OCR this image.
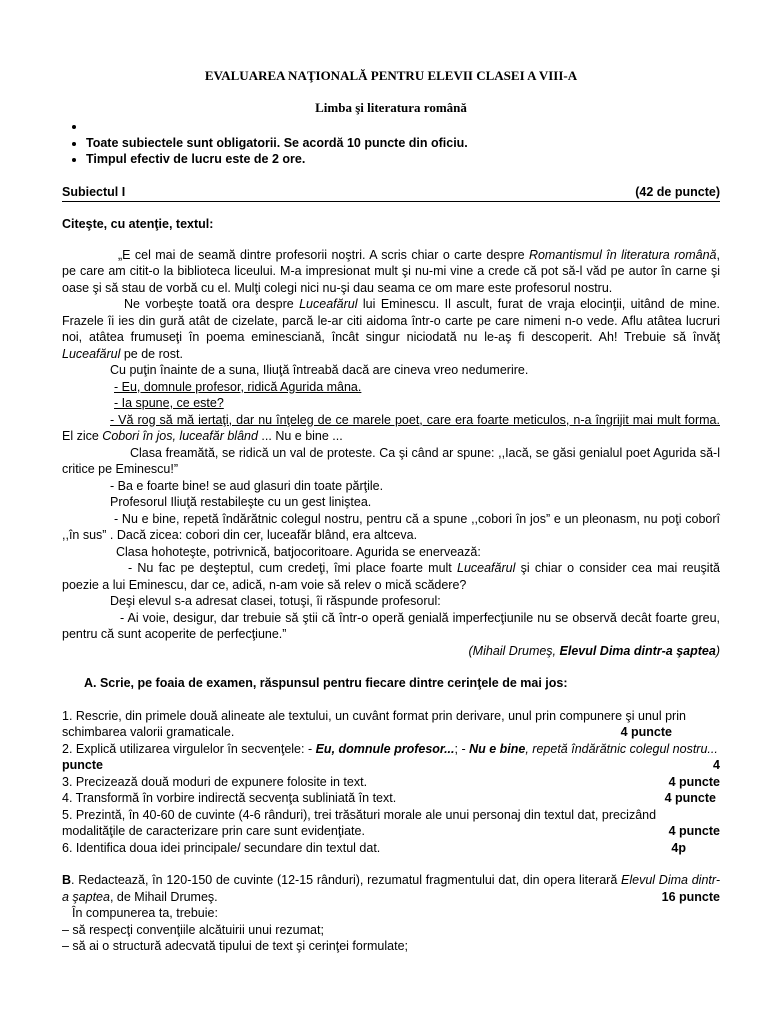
EVALUAREA NAŢIONALĂ PENTRU ELEVII CLASEI A VIII-A
Limba şi literatura română
•
• Toate subiectele sunt obligatorii. Se acordă 10 puncte din oficiu.
• Timpul efectiv de lucru este de 2 ore.
Subiectul I	(42 de puncte)
Citeşte, cu atenţie, textul:

„E cel mai de seamă dintre profesorii noştri. A scris chiar o carte despre Romantismul în literatura română, pe care am citit-o la biblioteca liceului. M-a impresionat mult şi nu-mi vine a crede că pot să-l văd pe autor în carne şi oase şi să stau de vorbă cu el. Mulţi colegi nici nu-şi dau seama ce om mare este profesorul nostru.

Ne vorbeşte toată ora despre Luceafărul lui Eminescu. Il ascult, furat de vraja elocinţii, uitând de mine. Frazele îi ies din gură atât de cizelate, parcă le-ar citi aidoma într-o carte pe care nimeni n-o vede. Aflu atâtea lucruri noi, atâtea frumuseţi în poema eminesciană, încât singur niciodată nu le-aş fi descoperit. Ah! Trebuie să învăţ Luceafărul pe de rost.

Cu puţin înainte de a suna, Iliuţă întreabă dacă are cineva vreo nedumerire.

- Eu, domnule profesor, ridică Agurida mâna.

- Ia spune, ce este?

- Vă rog să mă iertaţi, dar nu înţeleg de ce marele poet, care era foarte meticulos, n-a îngrijit mai mult forma. El zice Cobori în jos, luceafăr blând ... Nu e bine ...

Clasa freamătă, se ridică un val de proteste. Ca şi când ar spune: ,,Iacă, se găsi genialul poet Agurida să-l critice pe Eminescu!”

- Ba e foarte bine! se aud glasuri din toate părţile.

Profesorul Iliuţă restabileşte cu un gest liniştea.

- Nu e bine, repetă îndărătnic colegul nostru, pentru că a spune ,,cobori în jos” e un pleonasm, nu poţi coborî ,,în sus” . Dacă zicea: cobori din cer, luceafăr blând, era altceva.

Clasa hohoteşte, potrivnică, batjocoritoare. Agurida se enervează:

- Nu fac pe deşteptul, cum credeţi, îmi place foarte mult Luceafărul şi chiar o consider cea mai reuşită poezie a lui Eminescu, dar ce, adică, n-am voie să relev o mică scădere?

Deşi elevul s-a adresat clasei, totuşi, îi răspunde profesorul:

- Ai voie, desigur, dar trebuie să ştii că într-o operă genială imperfecţiunile nu se observă decât foarte greu, pentru că sunt acoperite de perfecţiune.”

(Mihail Drumeş, Elevul Dima dintr-a şaptea)

A. Scrie, pe foaia de examen, răspunsul pentru fiecare dintre cerinţele de mai jos:

1. Rescrie, din primele două alineate ale textului, un cuvânt format prin derivare, unul prin compunere şi unul prin schimbarea valorii gramaticale.	4 puncte

2. Explică utilizarea virgulelor în secvenţele: - Eu, domnule profesor...; - Nu e bine, repetă îndărătnic colegul nostru...
4

puncte

3. Precizează două moduri de expunere folosite in text.	4 puncte
4. Transformă în vorbire indirectă secvenţa subliniată în text.	4 puncte

5. Prezintă, în 40-60 de cuvinte (4-6 rânduri), trei trăsături morale ale unui personaj din textul dat, precizând modalităţile de caracterizare prin care sunt evidenţiate.	4 puncte

6. Identifica doua idei principale/ secundare din textul dat.	4p

B. Redactează, în 120-150 de cuvinte (12-15 rânduri), rezumatul fragmentului dat, din opera literară Elevul Dima dintr-a şaptea, de Mihail Drumeş.	16 puncte

În compunerea ta, trebuie:

– să respecţi convenţiile alcătuirii unui rezumat;

– să ai o structură adecvată tipului de text şi cerinţei formulate;
